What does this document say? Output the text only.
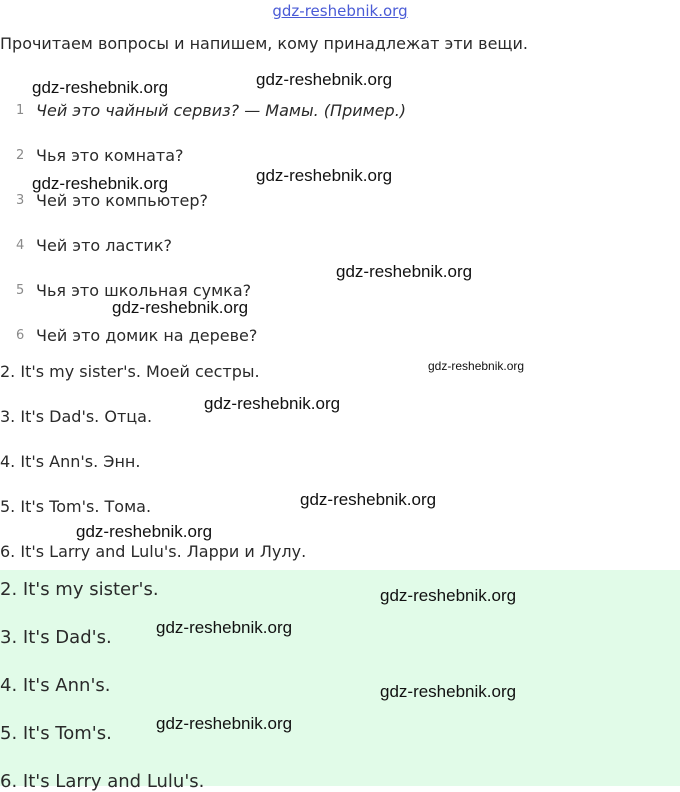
gdz-reshebnik.org
Прочитаем вопросы и напишем, кому принадлежат эти вещи.
1 Чей это чайный сервиз? — Мамы. (Пример.)
2 Чья это комната?
3 Чей это компьютер?
4 Чей это ластик?
5 Чья это школьная сумка?
6 Чей это домик на дереве?
2. It's my sister's. Моей сестры.
3. It's Dad's. Отца.
4. It's Ann's. Энн.
5. It's Tom's. Тома.
6. It's Larry and Lulu's. Ларри и Лулу.
2. It's my sister's.
3. It's Dad's.
4. It's Ann's.
5. It's Tom's.
6. It's Larry and Lulu's.
gdz-reshebnik.org	gdz-reshebnik.org
gdz-reshebnik.org	gdz-reshebnik.org
gdz-reshebnik.org
gdz-reshebnik.org
gdz-reshebnik.org
gdz-reshebnik.org
gdz-reshebnik.org
gdz-reshebnik.org
gdz-reshebnik.org
gdz-reshebnik.org
gdz-reshebnik.org
gdz-reshebnik.org
